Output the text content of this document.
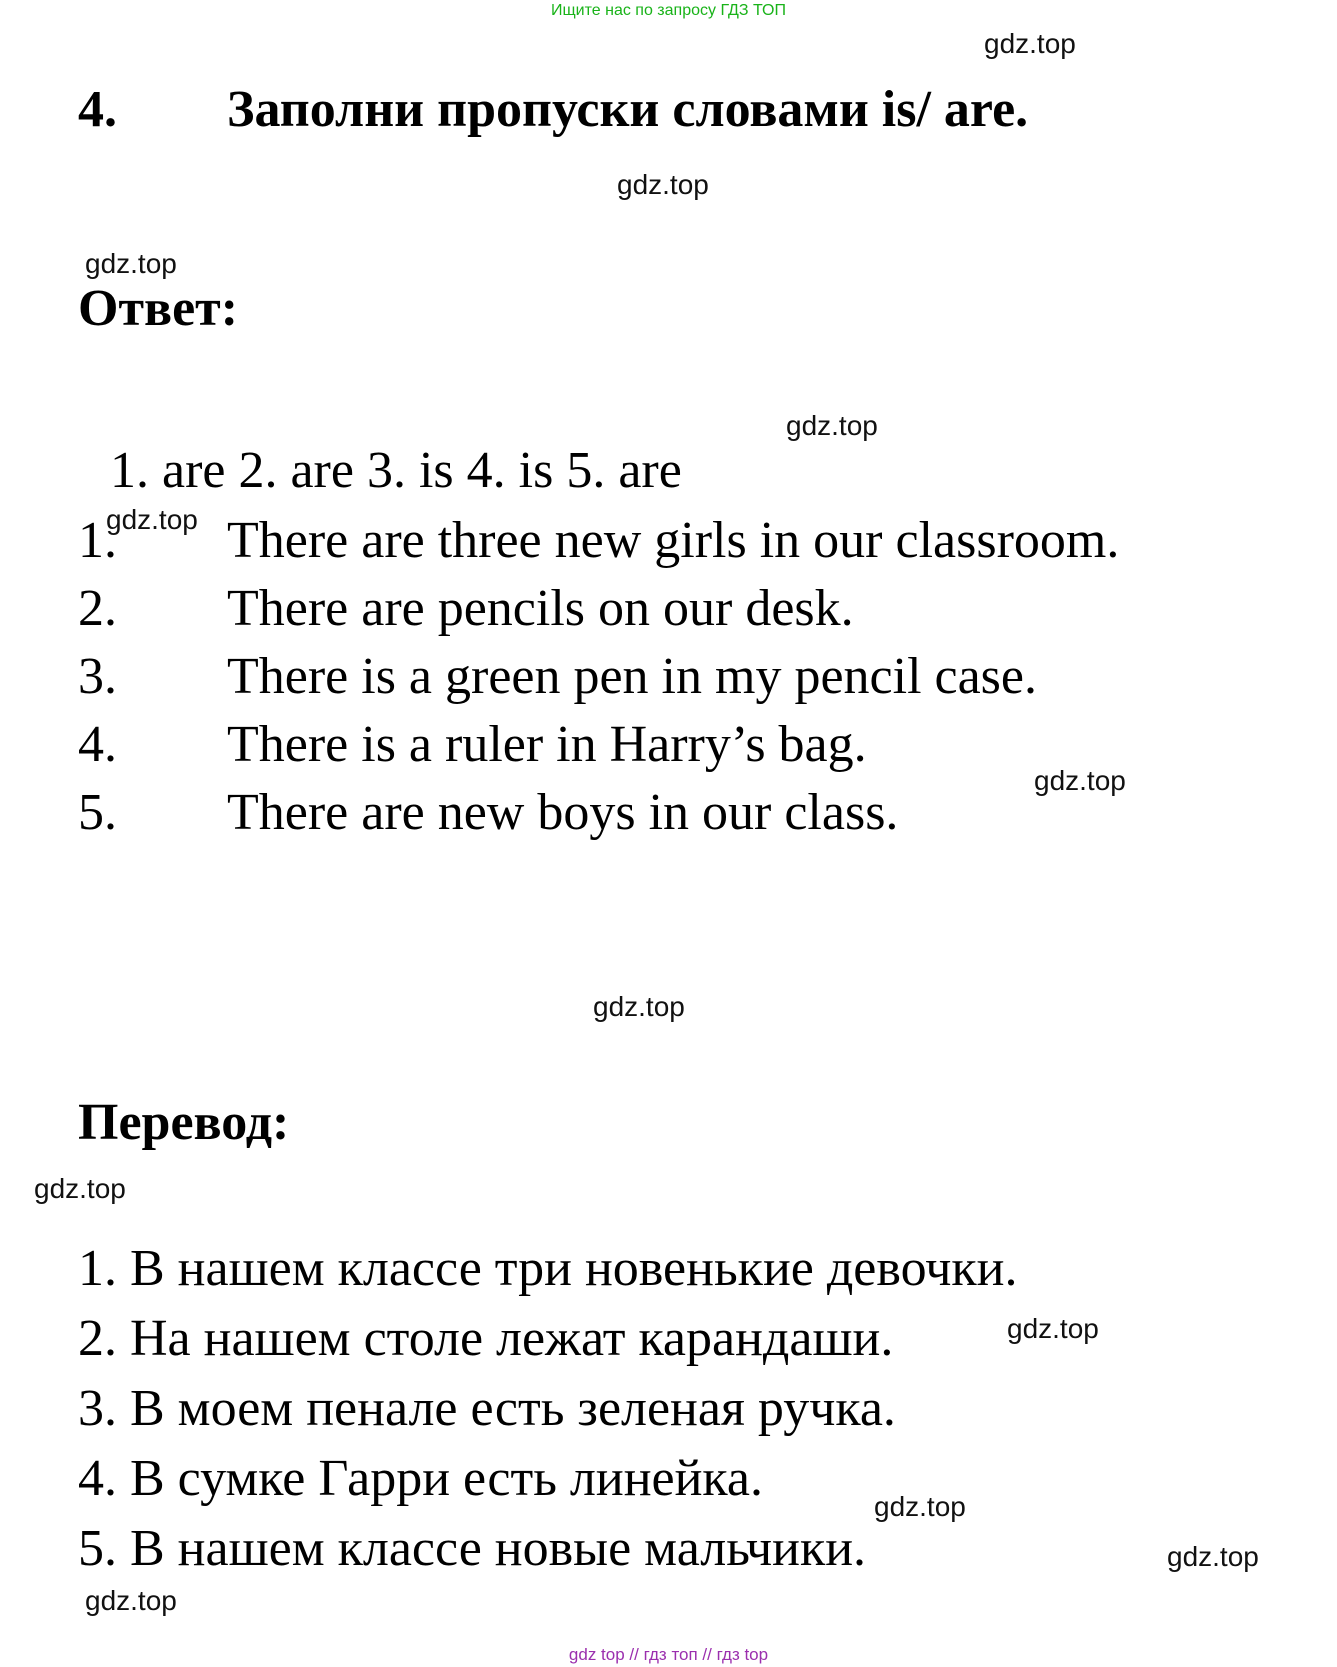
Ищите нас по запросу ГДЗ ТОП
4. Заполни пропуски словами is/ are.
Ответ:
1. are 2. are 3. is 4. is 5. are
1. There are three new girls in our classroom.
2. There are pencils on our desk.
3. There is a green pen in my pencil case.
4. There is a ruler in Harry’s bag.
5. There are new boys in our class.
Перевод:
1. В нашем классе три новенькие девочки.
2. На нашем столе лежат карандаши.
3. В моем пенале есть зеленая ручка.
4. В сумке Гарри есть линейка.
5. В нашем классе новые мальчики.
gdz.top
gdz.top
gdz.top
gdz.top
gdz.top
gdz.top
gdz.top
gdz.top
gdz.top
gdz.top
gdz.top
gdz.top
gdz top // гдз топ // гдз top
